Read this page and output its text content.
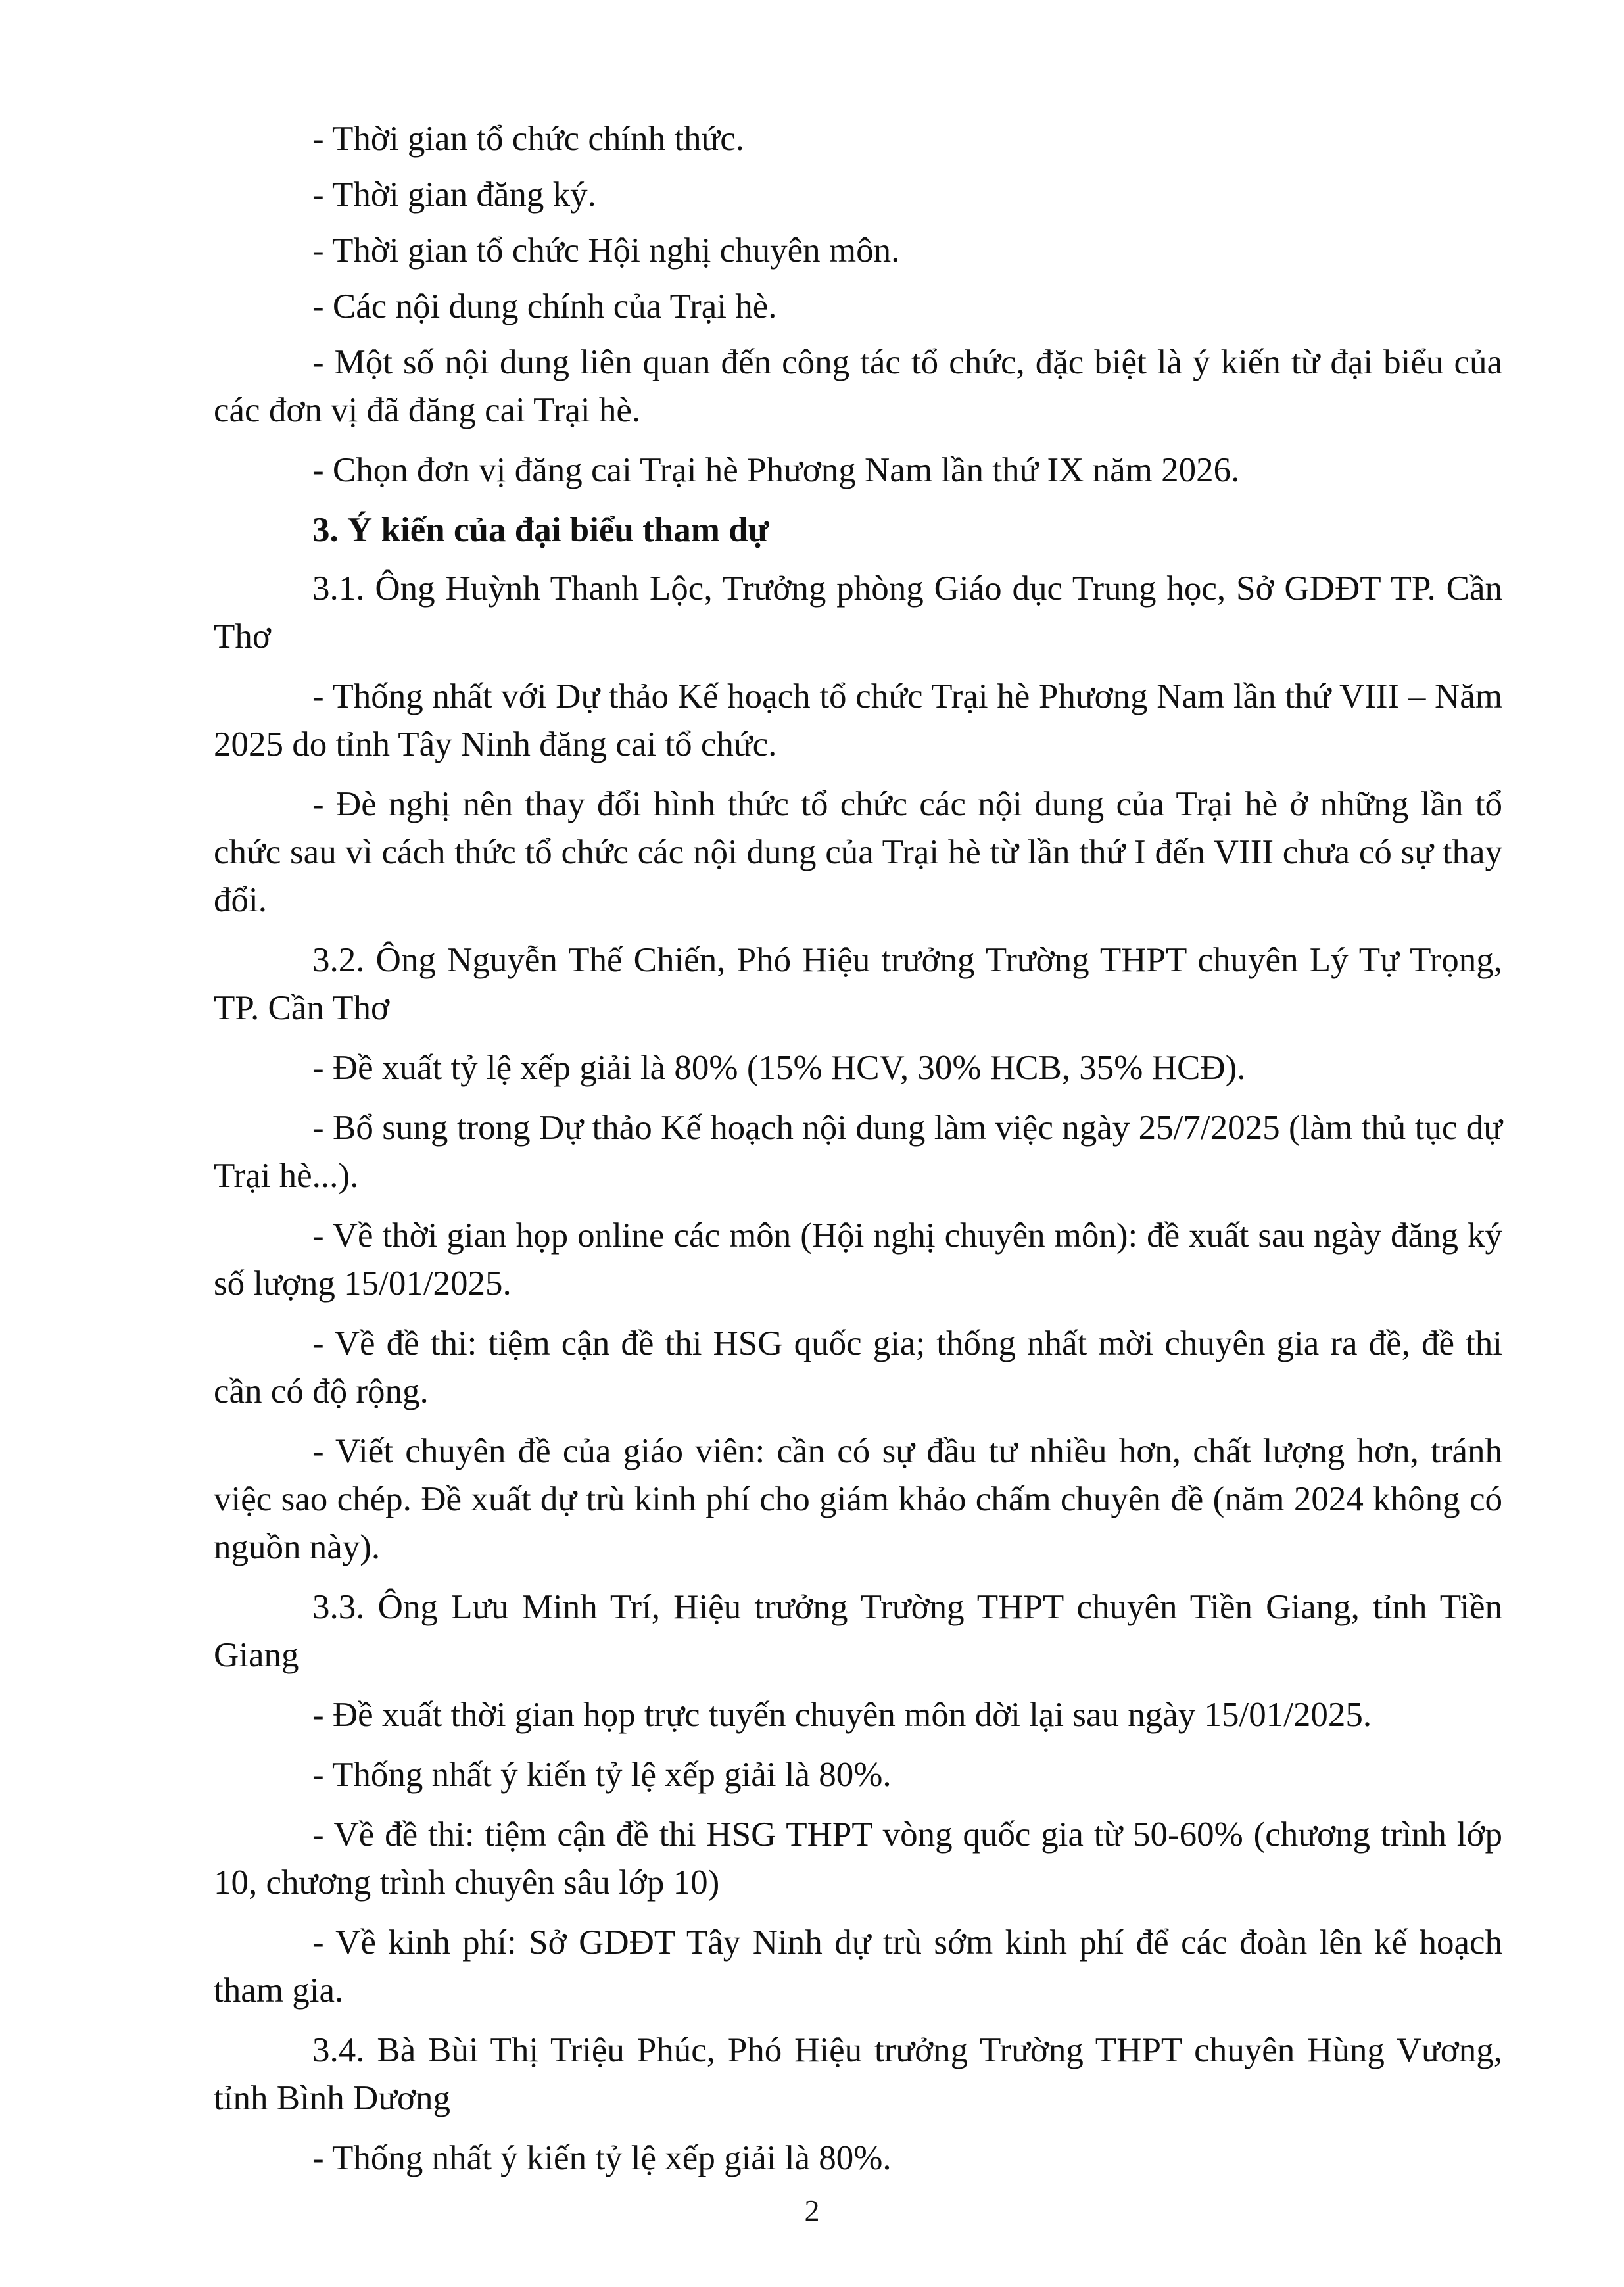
- Thời gian tổ chức chính thức.

- Thời gian đăng ký.

- Thời gian tổ chức Hội nghị chuyên môn.

- Các nội dung chính của Trại hè.

- Một số nội dung liên quan đến công tác tổ chức, đặc biệt là ý kiến từ đại biểu của các đơn vị đã đăng cai Trại hè.

- Chọn đơn vị đăng cai Trại hè Phương Nam lần thứ IX năm 2026.

3. Ý kiến của đại biểu tham dự

3.1. Ông Huỳnh Thanh Lộc, Trưởng phòng Giáo dục Trung học, Sở GDĐT TP. Cần Thơ

- Thống nhất với Dự thảo Kế hoạch tổ chức Trại hè Phương Nam lần thứ VIII – Năm 2025 do tỉnh Tây Ninh đăng cai tổ chức.

- Đè nghị nên thay đổi hình thức tổ chức các nội dung của Trại hè ở những lần tổ chức sau vì cách thức tổ chức các nội dung của Trại hè từ lần thứ I đến VIII chưa có sự thay đổi.

3.2. Ông Nguyễn Thế Chiến, Phó Hiệu trưởng Trường THPT chuyên Lý Tự Trọng, TP. Cần Thơ

- Đề xuất tỷ lệ xếp giải là 80% (15% HCV, 30% HCB, 35% HCĐ).

- Bổ sung trong Dự thảo Kế hoạch nội dung làm việc ngày 25/7/2025 (làm thủ tục dự Trại hè...).

- Về thời gian họp online các môn (Hội nghị chuyên môn): đề xuất sau ngày đăng ký số lượng 15/01/2025.

- Về đề thi: tiệm cận đề thi HSG quốc gia; thống nhất mời chuyên gia ra đề, đề thi cần có độ rộng.

- Viết chuyên đề của giáo viên: cần có sự đầu tư nhiều hơn, chất lượng hơn, tránh việc sao chép. Đề xuất dự trù kinh phí cho giám khảo chấm chuyên đề (năm 2024 không có nguồn này).

3.3. Ông Lưu Minh Trí, Hiệu trưởng Trường THPT chuyên Tiền Giang, tỉnh Tiền Giang

- Đề xuất thời gian họp trực tuyến chuyên môn dời lại sau ngày 15/01/2025.

- Thống nhất ý kiến tỷ lệ xếp giải là 80%.

- Về đề thi: tiệm cận đề thi HSG THPT vòng quốc gia từ 50-60% (chương trình lớp 10, chương trình chuyên sâu lớp 10)

- Về kinh phí: Sở GDĐT Tây Ninh dự trù sớm kinh phí để các đoàn lên kế hoạch tham gia.

3.4. Bà Bùi Thị Triệu Phúc, Phó Hiệu trưởng Trường THPT chuyên Hùng Vương, tỉnh Bình Dương

- Thống nhất ý kiến tỷ lệ xếp giải là 80%.

2
